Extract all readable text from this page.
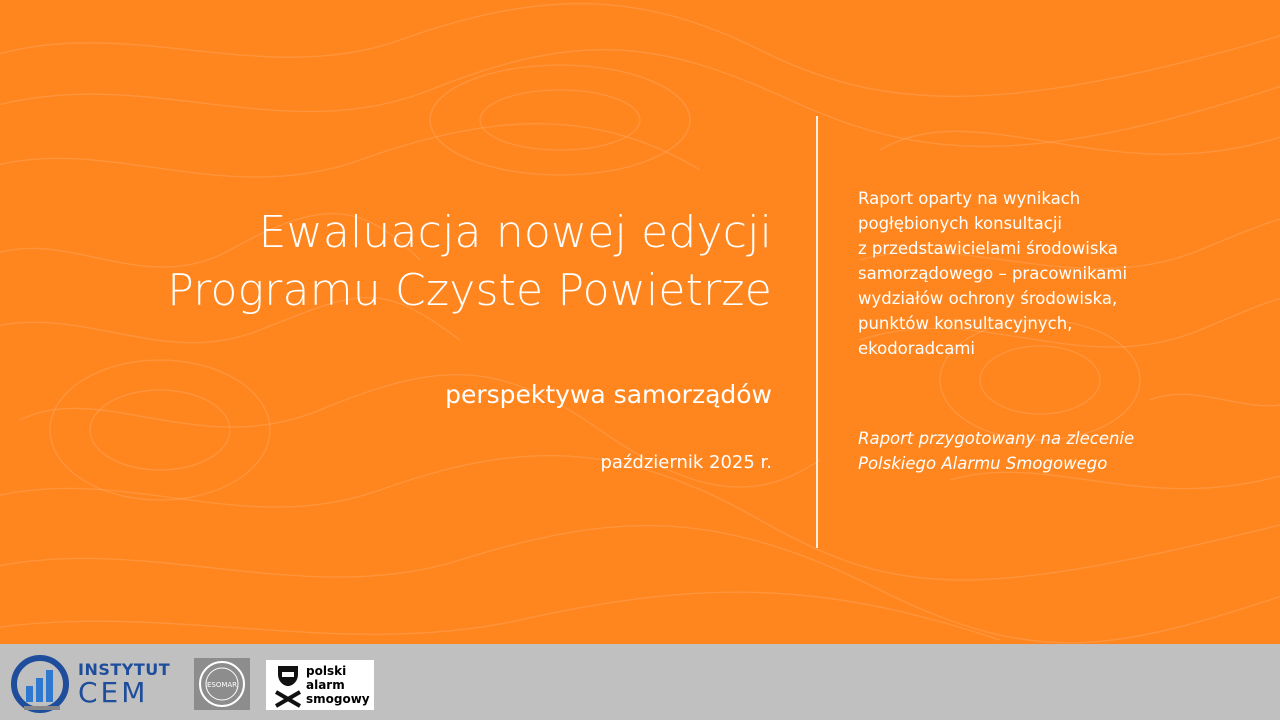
Ewaluacja nowej edycji
Programu Czyste Powietrze
perspektywa samorządów
październik 2025 r.
Raport oparty na wynikach
pogłębionych konsultacji
z przedstawicielami środowiska
samorządowego – pracownikami
wydziałów ochrony środowiska,
punktów konsultacyjnych,
ekodoradcami
Raport przygotowany na zlecenie
Polskiego Alarmu Smogowego
INSTYTUT
CEM	ESOMAR
polski
alarm
smogowy
